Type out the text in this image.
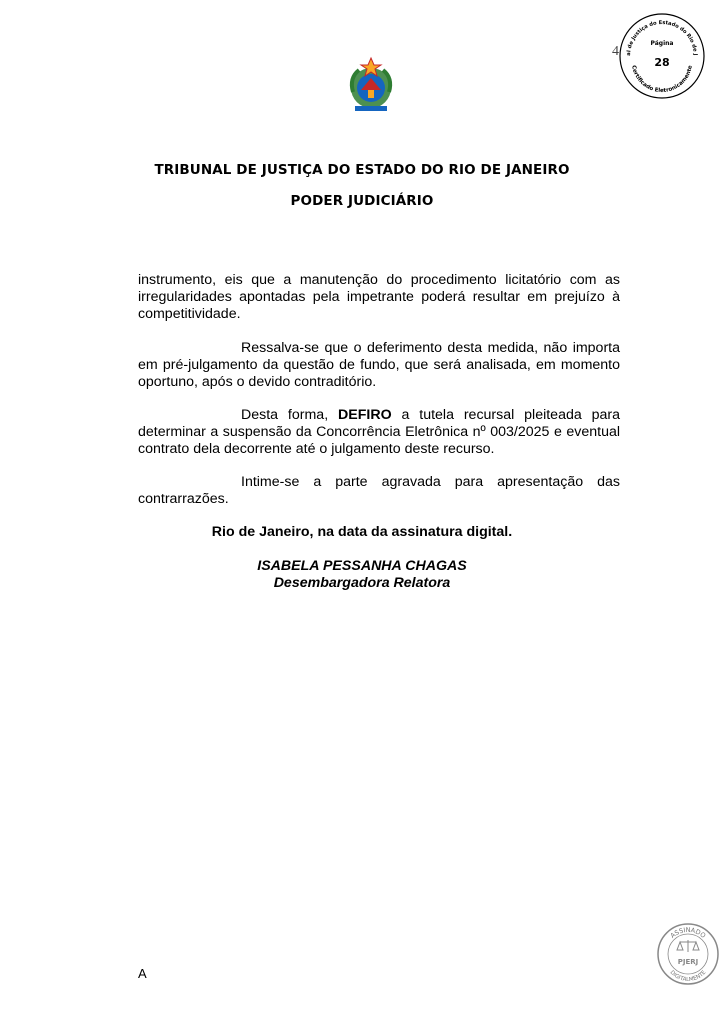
4	al de Justiça do Estado do Rio de J
Certificado Eletronicamente
Página
28
TRIBUNAL DE JUSTIÇA DO ESTADO DO RIO DE JANEIRO
PODER JUDICIÁRIO
instrumento, eis que a manutenção do procedimento licitatório com as irregularidades apontadas pela impetrante poderá resultar em prejuízo à competitividade.
Ressalva-se que o deferimento desta medida, não importa em pré-julgamento da questão de fundo, que será analisada, em momento oportuno, após o devido contraditório.
Desta forma, DEFIRO a tutela recursal pleiteada para determinar a suspensão da Concorrência Eletrônica nº 003/2025 e eventual contrato dela decorrente até o julgamento deste recurso.
Intime-se a parte agravada para apresentação das contrarrazões.
Rio de Janeiro, na data da assinatura digital.
ISABELA PESSANHA CHAGAS
Desembargadora Relatora
A
ASSINADO
DIGITALMENTE
PJERJ
